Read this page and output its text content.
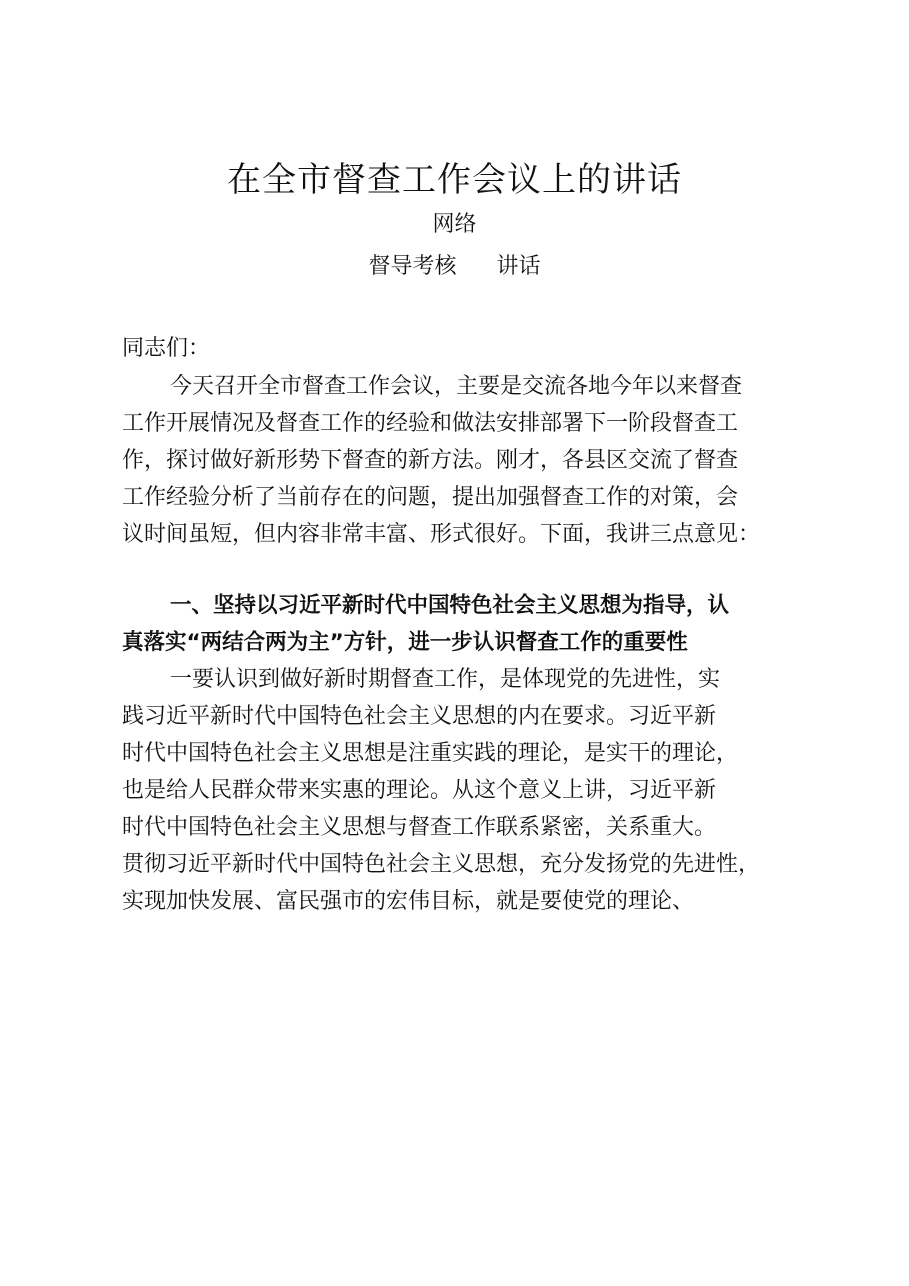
在全市督查工作会议上的讲话
网络
督导考核 讲话
同志们：
今天召开全市督查工作会议，主要是交流各地今年以来督查
工作开展情况及督查工作的经验和做法安排部署下一阶段督查工
作，探讨做好新形势下督查的新方法。刚才，各县区交流了督查
工作经验分析了当前存在的问题，提出加强督查工作的对策，会
议时间虽短，但内容非常丰富、形式很好。下面，我讲三点意见：
一、坚持以习近平新时代中国特色社会主义思想为指导，认
真落实“两结合两为主”方针，进一步认识督查工作的重要性
一要认识到做好新时期督查工作，是体现党的先进性，实
践习近平新时代中国特色社会主义思想的内在要求。习近平新
时代中国特色社会主义思想是注重实践的理论，是实干的理论，
也是给人民群众带来实惠的理论。从这个意义上讲，习近平新
时代中国特色社会主义思想与督查工作联系紧密，关系重大。
贯彻习近平新时代中国特色社会主义思想，充分发扬党的先进性，
实现加快发展、富民强市的宏伟目标，就是要使党的理论、
